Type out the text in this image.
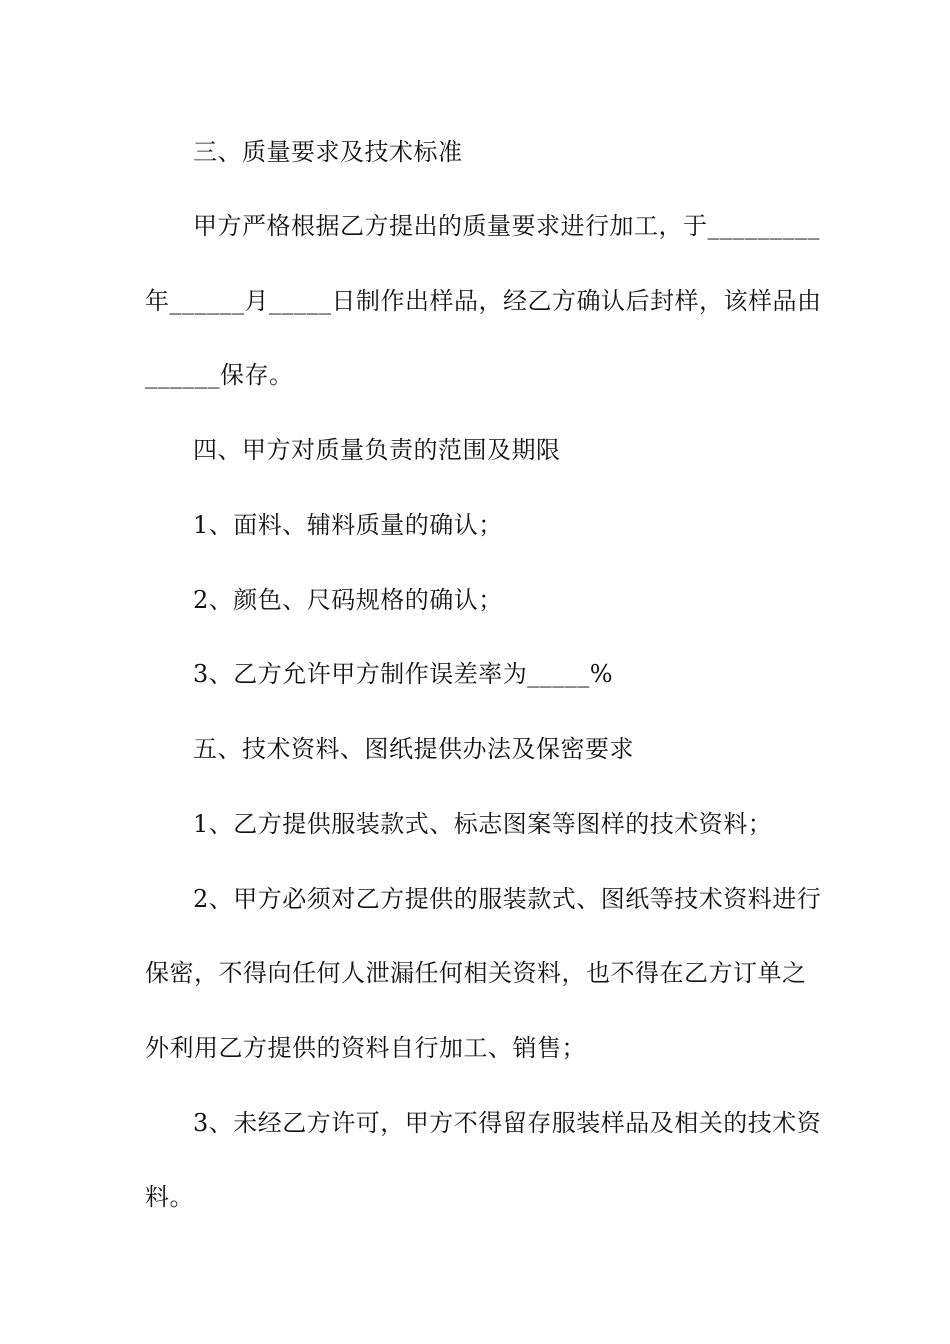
三、质量要求及技术标准
甲方严格根据乙方提出的质量要求进行加工，于_________
年______月_____日制作出样品，经乙方确认后封样，该样品由
______保存。
四、甲方对质量负责的范围及期限
1、面料、辅料质量的确认；
2、颜色、尺码规格的确认；
3、乙方允许甲方制作误差率为_____%
五、技术资料、图纸提供办法及保密要求
1、乙方提供服装款式、标志图案等图样的技术资料；
2、甲方必须对乙方提供的服装款式、图纸等技术资料进行
保密，不得向任何人泄漏任何相关资料，也不得在乙方订单之
外利用乙方提供的资料自行加工、销售；
3、未经乙方许可，甲方不得留存服装样品及相关的技术资
料。
